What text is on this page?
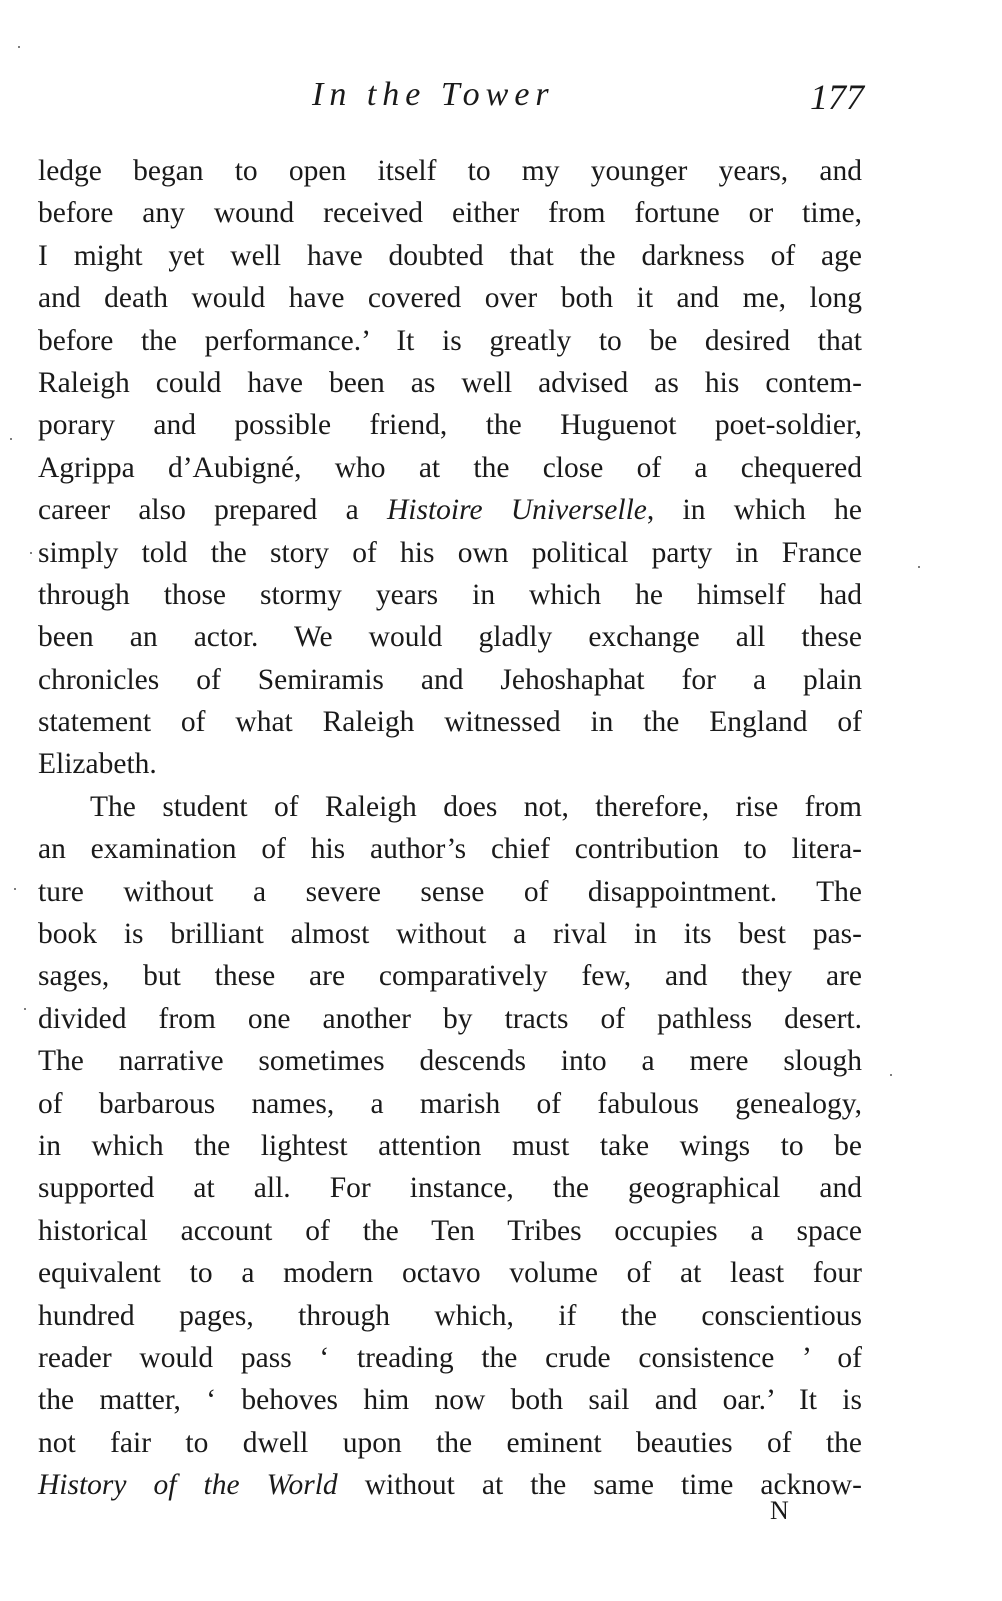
In the Tower	177
ledge began to open itself to my younger years, and
before any wound received either from fortune or time,
I might yet well have doubted that the darkness of age
and death would have covered over both it and me, long
before the performance.’ It is greatly to be desired that
Raleigh could have been as well advised as his contem-
porary and possible friend, the Huguenot poet-soldier,
Agrippa d’Aubigné, who at the close of a chequered
career also prepared a Histoire Universelle, in which he
simply told the story of his own political party in France
through those stormy years in which he himself had
been an actor. We would gladly exchange all these
chronicles of Semiramis and Jehoshaphat for a plain
statement of what Raleigh witnessed in the England of
Elizabeth.
The student of Raleigh does not, therefore, rise from
an examination of his author’s chief contribution to litera-
ture without a severe sense of disappointment. The
book is brilliant almost without a rival in its best pas-
sages, but these are comparatively few, and they are
divided from one another by tracts of pathless desert.
The narrative sometimes descends into a mere slough
of barbarous names, a marish of fabulous genealogy,
in which the lightest attention must take wings to be
supported at all. For instance, the geographical and
historical account of the Ten Tribes occupies a space
equivalent to a modern octavo volume of at least four
hundred pages, through which, if the conscientious
reader would pass ‘ treading the crude consistence ’ of
the matter, ‘ behoves him now both sail and oar.’ It is
not fair to dwell upon the eminent beauties of the
History of the World without at the same time acknow-
N
